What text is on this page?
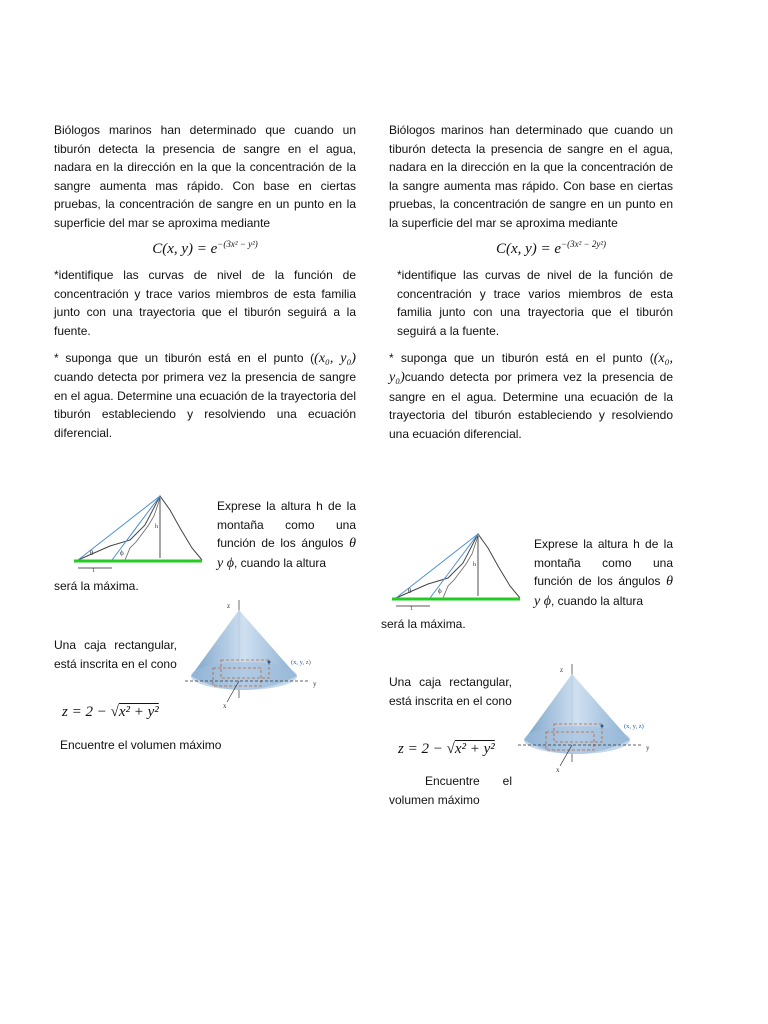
Biólogos marinos han determinado que cuando un tiburón detecta la presencia de sangre en el agua, nadara en la dirección en la que la concentración de la sangre aumenta mas rápido. Con base en ciertas pruebas, la concentración de sangre en un punto en la superficie del mar se aproxima mediante

C(x, $y) = e^{-(3x^2 - y^2)}$

*identifique las curvas de nivel de la función de concentración y trace varios miembros de esta familia junto con una trayectoria que el tiburón seguirá a la fuente.

* suponga que un tiburón está en el punto ((x₀, y₀) cuando detecta por primera vez la presencia de sangre en el agua. Determine una ecuación de la trayectoria del tiburón estableciendo y resolviendo una ecuación diferencial.

θ	ϕ
h
1
Exprese la altura h de la montaña como una función de los ángulos θ y ϕ, cuando la altura
será la máxima.
Una caja rectangular, está inscrita en el cono
z = 2 − √x² + y²
Encuentre el volumen máximo
z
y
x
(x, y, z)

Biólogos marinos han determinado que cuando un tiburón detecta la presencia de sangre en el agua, nadara en la dirección en la que la concentración de la sangre aumenta mas rápido. Con base en ciertas pruebas, la concentración de sangre en un punto en la superficie del mar se aproxima mediante

C(x, $y) = e^{-(3x^2 - 2y^2)}$

*identifique las curvas de nivel de la función de concentración y trace varios miembros de esta familia junto con una trayectoria que el tiburón seguirá a la fuente.

* suponga que un tiburón está en el punto ((x₀, y₀)cuando detecta por primera vez la presencia de sangre en el agua. Determine una ecuación de la trayectoria del tiburón estableciendo y resolviendo una ecuación diferencial.

θ	ϕ
h
1
Exprese la altura h de la montaña como una función de los ángulos θ y ϕ, cuando la altura
será la máxima.
Una caja rectangular, está inscrita en el cono
z = 2 − √x² + y²
Encuentre el volumen máximo
z
y
x
(x, y, z)
